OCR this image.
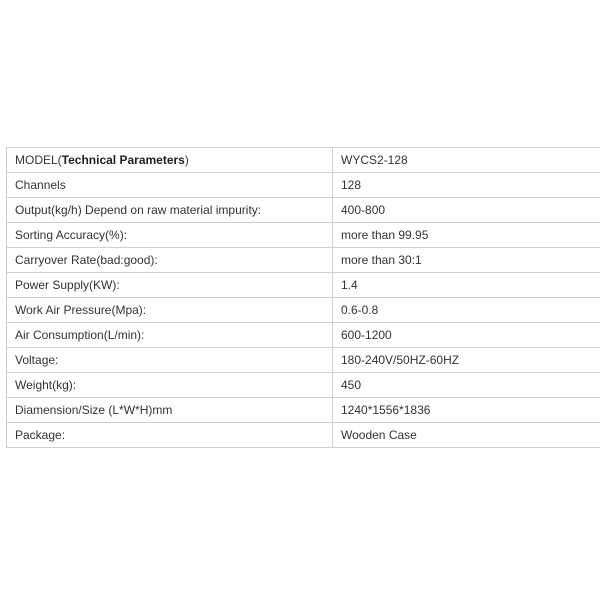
MODEL(Technical Parameters)	WYCS2-128
Channels	128
Output(kg/h) Depend on raw material impurity:	400-800
Sorting Accuracy(%):	more than 99.95
Carryover Rate(bad:good):	more than 30:1
Power Supply(KW):	1.4
Work Air Pressure(Mpa):	0.6-0.8
Air Consumption(L/min):	600-1200
Voltage:	180-240V/50HZ-60HZ
Weight(kg):	450
Diamension/Size (L*W*H)mm	1240*1556*1836
Package:	Wooden Case
